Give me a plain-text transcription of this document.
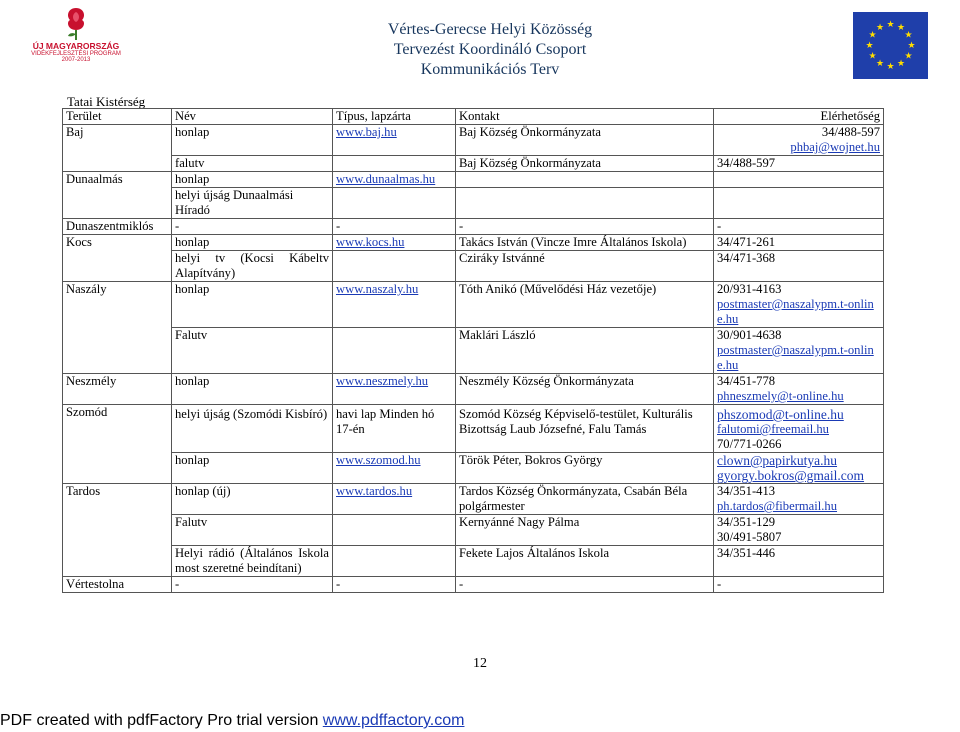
ÚJ MAGYARORSZÁG
VIDÉKFEJLESZTÉSI PROGRAM
2007-2013
Vértes-Gerecse Helyi Közösség
Tervezést Koordináló Csoport
Kommunikációs Terv
★ ★
★
★
★
★
★
★
★
★
★
★
Tatai Kistérség
Terület	Név	Típus, lapzárta	Kontakt	Elérhetőség
Baj	honlap	www.baj.hu	Baj Község Önkormányzata	34/488-597
phbaj@wojnet.hu

	falutv		Baj Község Önkormányzata	34/488-597
Dunaalmás	honlap	www.dunaalmas.hu		
	helyi újság Dunaalmási Híradó			
Dunaszentmiklós	-	-	-	-
Kocs	honlap	www.kocs.hu	Takács István (Vincze Imre Általános Iskola)	34/471-261
	helyi tv (Kocsi Kábeltv Alapítvány)		Cziráky Istvánné	34/471-368
Naszály	honlap	www.naszaly.hu	Tóth Anikó (Művelődési Ház vezetője)	20/931-4163
postmaster@naszalypm.t-online.hu

	Falutv		Maklári László	30/901-4638
postmaster@naszalypm.t-online.hu

Neszmély	honlap	www.neszmely.hu	Neszmély Község Önkormányzata	34/451-778
phneszmely@t-online.hu

Szomód	helyi újság (Szomódi Kisbíró)	havi lap Minden hó 17-én	Szomód Község Képviselő-testület, Kulturális Bizottság Laub Józsefné, Falu Tamás	phszomod@t-online.hu
falutomi@freemail.hu
70/771-0266

	honlap	www.szomod.hu	Török Péter, Bokros György	clown@papirkutya.hu
gyorgy.bokros@gmail.com

Tardos	honlap (új)	www.tardos.hu	Tardos Község Önkormányzata, Csabán Béla polgármester	34/351-413
ph.tardos@fibermail.hu

	Falutv		Kernyánné Nagy Pálma	34/351-129
30/491-5807

	Helyi rádió (Általános Iskola most szeretné beindítani)		Fekete Lajos Általános Iskola	34/351-446
Vértestolna	-	-	-	-
12
PDF created with pdfFactory Pro trial version www.pdffactory.com
